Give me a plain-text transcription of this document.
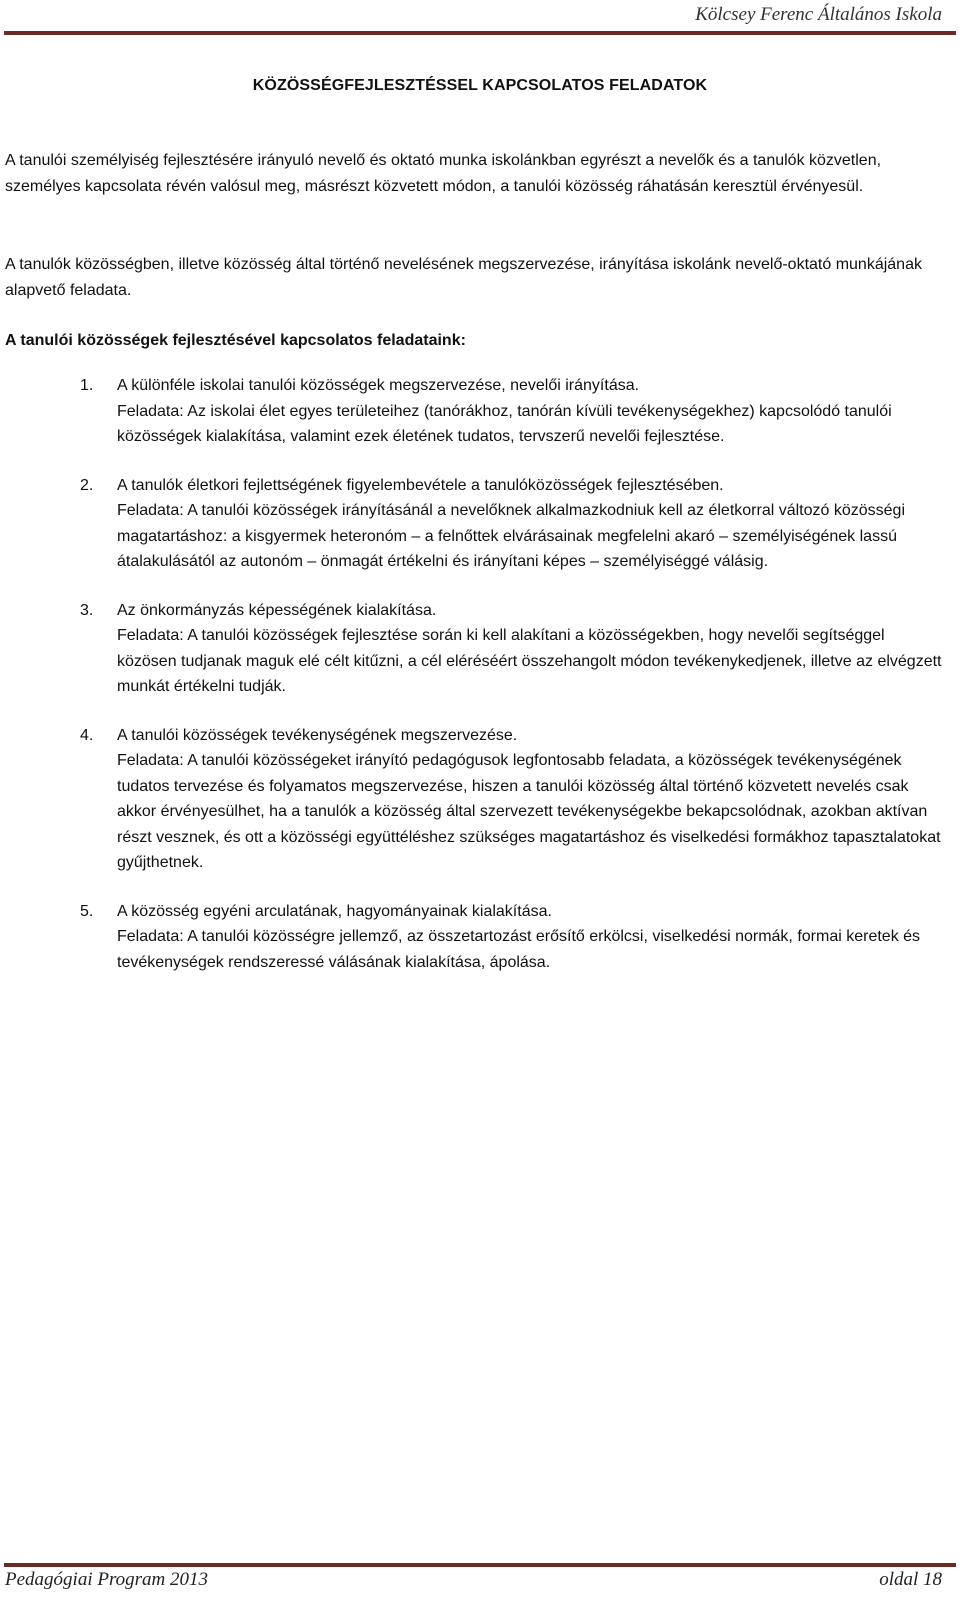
Kölcsey Ferenc Általános Iskola
KÖZÖSSÉGFEJLESZTÉSSEL KAPCSOLATOS FELADATOK
A tanulói személyiség fejlesztésére irányuló nevelő és oktató munka iskolánkban egyrészt a nevelők és a tanulók közvetlen, személyes kapcsolata révén valósul meg, másrészt közvetett módon, a tanulói közösség ráhatásán keresztül érvényesül.
A tanulók közösségben, illetve közösség által történő nevelésének megszervezése, irányítása iskolánk nevelő-oktató munkájának alapvető feladata.
A tanulói közösségek fejlesztésével kapcsolatos feladataink:
1. A különféle iskolai tanulói közösségek megszervezése, nevelői irányítása.
Feladata: Az iskolai élet egyes területeihez (tanórákhoz, tanórán kívüli tevékenységekhez) kapcsolódó tanulói közösségek kialakítása, valamint ezek életének tudatos, tervszerű nevelői fejlesztése.
2. A tanulók életkori fejlettségének figyelembevétele a tanulóközösségek fejlesztésében.
Feladata: A tanulói közösségek irányításánál a nevelőknek alkalmazkodniuk kell az életkorral változó közösségi magatartáshoz: a kisgyermek heteronóm – a felnőttek elvárásainak megfelelni akaró – személyiségének lassú átalakulásától az autonóm – önmagát értékelni és irányítani képes – személyiséggé válásig.
3. Az önkormányzás képességének kialakítása.
Feladata: A tanulói közösségek fejlesztése során ki kell alakítani a közösségekben, hogy nevelői segítséggel közösen tudjanak maguk elé célt kitűzni, a cél eléréséért összehangolt módon tevékenykedjenek, illetve az elvégzett munkát értékelni tudják.
4. A tanulói közösségek tevékenységének megszervezése.
Feladata: A tanulói közösségeket irányító pedagógusok legfontosabb feladata, a közösségek tevékenységének tudatos tervezése és folyamatos megszervezése, hiszen a tanulói közösség által történő közvetett nevelés csak akkor érvényesülhet, ha a tanulók a közösség által szervezett tevékenységekbe bekapcsolódnak, azokban aktívan részt vesznek, és ott a közösségi együttéléshez szükséges magatartáshoz és viselkedési formákhoz tapasztalatokat gyűjthetnek.
5. A közösség egyéni arculatának, hagyományainak kialakítása.
Feladata: A tanulói közösségre jellemző, az összetartozást erősítő erkölcsi, viselkedési normák, formai keretek és tevékenységek rendszeressé válásának kialakítása, ápolása.
Pedagógiai Program 2013	oldal 18
